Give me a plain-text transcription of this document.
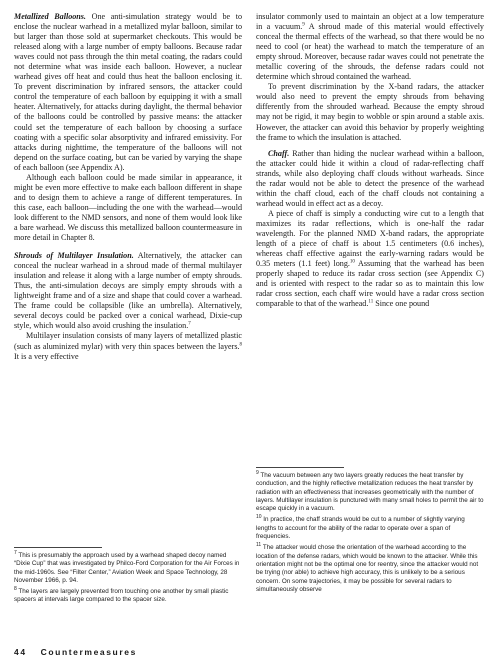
Metallized Balloons. One anti-simulation strategy would be to enclose the nuclear warhead in a metallized mylar balloon, similar to but larger than those sold at supermarket checkouts. This would be released along with a large number of empty balloons. Because radar waves could not pass through the thin metal coating, the radars could not determine what was inside each balloon. However, a nuclear warhead gives off heat and could thus heat the balloon enclosing it. To prevent discrimination by infrared sensors, the attacker could control the temperature of each balloon by equipping it with a small heater. Alternatively, for attacks during daylight, the thermal behavior of the balloons could be controlled by passive means: the attacker could set the temperature of each balloon by choosing a surface coating with a specific solar absorptivity and infrared emissivity. For attacks during nighttime, the temperature of the balloons will not depend on the surface coating, but can be varied by varying the shape of each balloon (see Appendix A).

Although each balloon could be made similar in appearance, it might be even more effective to make each balloon different in shape and to design them to achieve a range of different temperatures. In this case, each balloon—including the one with the warhead—would look different to the NMD sensors, and none of them would look like a bare warhead. We discuss this metallized balloon countermeasure in more detail in Chapter 8.

Shrouds of Multilayer Insulation. Alternatively, the attacker can conceal the nuclear warhead in a shroud made of thermal multilayer insulation and release it along with a large number of empty shrouds. Thus, the anti-simulation decoys are simply empty shrouds with a lightweight frame and of a size and shape that could cover a warhead. The frame could be collapsible (like an umbrella). Alternatively, several decoys could be packed over a conical warhead, Dixie-cup style, which would also avoid crushing the insulation.$^7$

Multilayer insulation consists of many layers of metallized plastic (such as aluminized mylar) with very thin spaces between the layers.$^8$ It is a very effective

insulator commonly used to maintain an object at a low temperature in a vacuum.$^9$ A shroud made of this material would effectively conceal the thermal effects of the warhead, so that there would be no need to cool (or heat) the warhead to match the temperature of an empty shroud. Moreover, because radar waves could not penetrate the metallic covering of the shrouds, the defense radars could not determine which shroud contained the warhead.

To prevent discrimination by the X-band radars, the attacker would also need to prevent the empty shrouds from behaving differently from the shrouded warhead. Because the empty shroud may not be rigid, it may begin to wobble or spin around a stable axis. However, the attacker can avoid this behavior by properly weighting the frame to which the insulation is attached.

Chaff. Rather than hiding the nuclear warhead within a balloon, the attacker could hide it within a cloud of radar-reflecting chaff strands, while also deploying chaff clouds without warheads. Since the radar would not be able to detect the presence of the warhead within the chaff cloud, each of the chaff clouds not containing a warhead would in effect act as a decoy.

A piece of chaff is simply a conducting wire cut to a length that maximizes its radar reflections, which is one-half the radar wavelength. For the planned NMD X-band radars, the appropriate length of a piece of chaff is about 1.5 centimeters (0.6 inches), whereas chaff effective against the early-warning radars would be 0.35 meters (1.1 feet) long.$^{10}$ Assuming that the warhead has been properly shaped to reduce its radar cross section (see Appendix C) and is oriented with respect to the radar so as to maintain this low radar cross section, each chaff wire would have a radar cross section comparable to that of the warhead.$^{11}$ Since one pound

$^7$ This is presumably the approach used by a warhead shaped decoy named “Dixie Cup” that was investigated by Philco-Ford Corporation for the Air Forces in the mid-1960s. See “Filter Center,” Aviation Week and Space Technology, 28 November 1966, p. 94.

$^8$ The layers are largely prevented from touching one another by small plastic spacers at intervals large compared to the spacer size.

$^9$ The vacuum between any two layers greatly reduces the heat transfer by conduction, and the highly reflective metallization reduces the heat transfer by radiation with an effectiveness that increases geometrically with the number of layers. Multilayer insulation is punctured with many small holes to permit the air to escape quickly in a vacuum.

$^{10}$ In practice, the chaff strands would be cut to a number of slightly varying lengths to account for the ability of the radar to operate over a span of frequencies.

$^{11}$ The attacker would chose the orientation of the warhead according to the location of the defense radars, which would be known to the attacker. While this orientation might not be the optimal one for reentry, since the attacker would not be trying (nor able) to achieve high accuracy, this is unlikely to be a serious concern. On some trajectories, it may be possible for several radars to simultaneously observe

44 Countermeasures
